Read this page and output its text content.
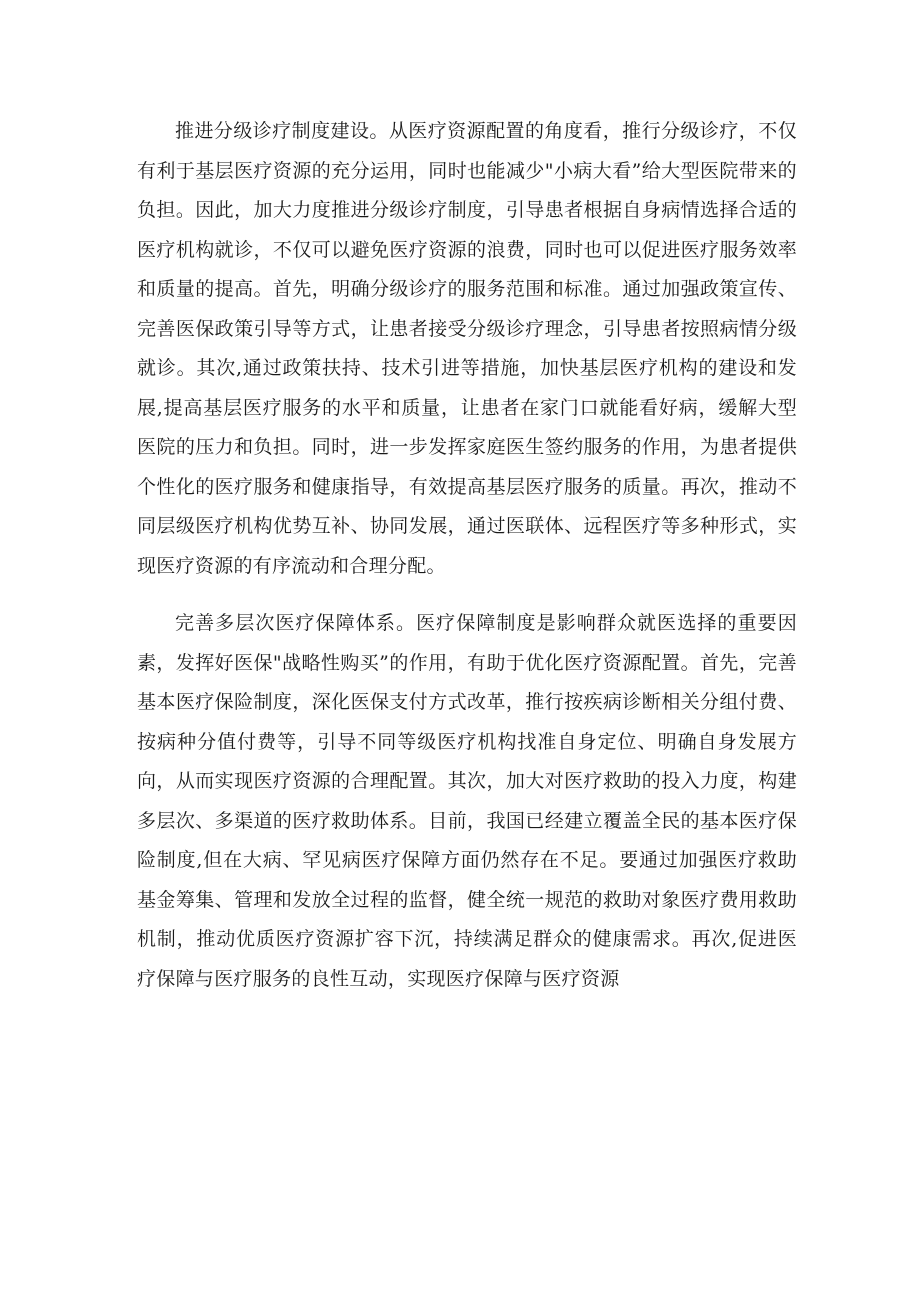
推进分级诊疗制度建设。从医疗资源配置的角度看，推行分级诊疗，不仅有利于基层医疗资源的充分运用，同时也能减少"小病大看”给大型医院带来的负担。因此，加大力度推进分级诊疗制度，引导患者根据自身病情选择合适的医疗机构就诊，不仅可以避免医疗资源的浪费，同时也可以促进医疗服务效率和质量的提高。首先，明确分级诊疗的服务范围和标准。通过加强政策宣传、完善医保政策引导等方式，让患者接受分级诊疗理念，引导患者按照病情分级就诊。其次,通过政策扶持、技术引进等措施，加快基层医疗机构的建设和发展,提高基层医疗服务的水平和质量，让患者在家门口就能看好病，缓解大型医院的压力和负担。同时，进一步发挥家庭医生签约服务的作用，为患者提供个性化的医疗服务和健康指导，有效提高基层医疗服务的质量。再次，推动不同层级医疗机构优势互补、协同发展，通过医联体、远程医疗等多种形式，实现医疗资源的有序流动和合理分配。

完善多层次医疗保障体系。医疗保障制度是影响群众就医选择的重要因素，发挥好医保"战略性购买”的作用，有助于优化医疗资源配置。首先，完善基本医疗保险制度，深化医保支付方式改革，推行按疾病诊断相关分组付费、按病种分值付费等，引导不同等级医疗机构找准自身定位、明确自身发展方向，从而实现医疗资源的合理配置。其次，加大对医疗救助的投入力度，构建多层次、多渠道的医疗救助体系。目前，我国已经建立覆盖全民的基本医疗保险制度,但在大病、罕见病医疗保障方面仍然存在不足。要通过加强医疗救助基金筹集、管理和发放全过程的监督，健全统一规范的救助对象医疗费用救助机制，推动优质医疗资源扩容下沉，持续满足群众的健康需求。再次,促进医疗保障与医疗服务的良性互动，实现医疗保障与医疗资源
